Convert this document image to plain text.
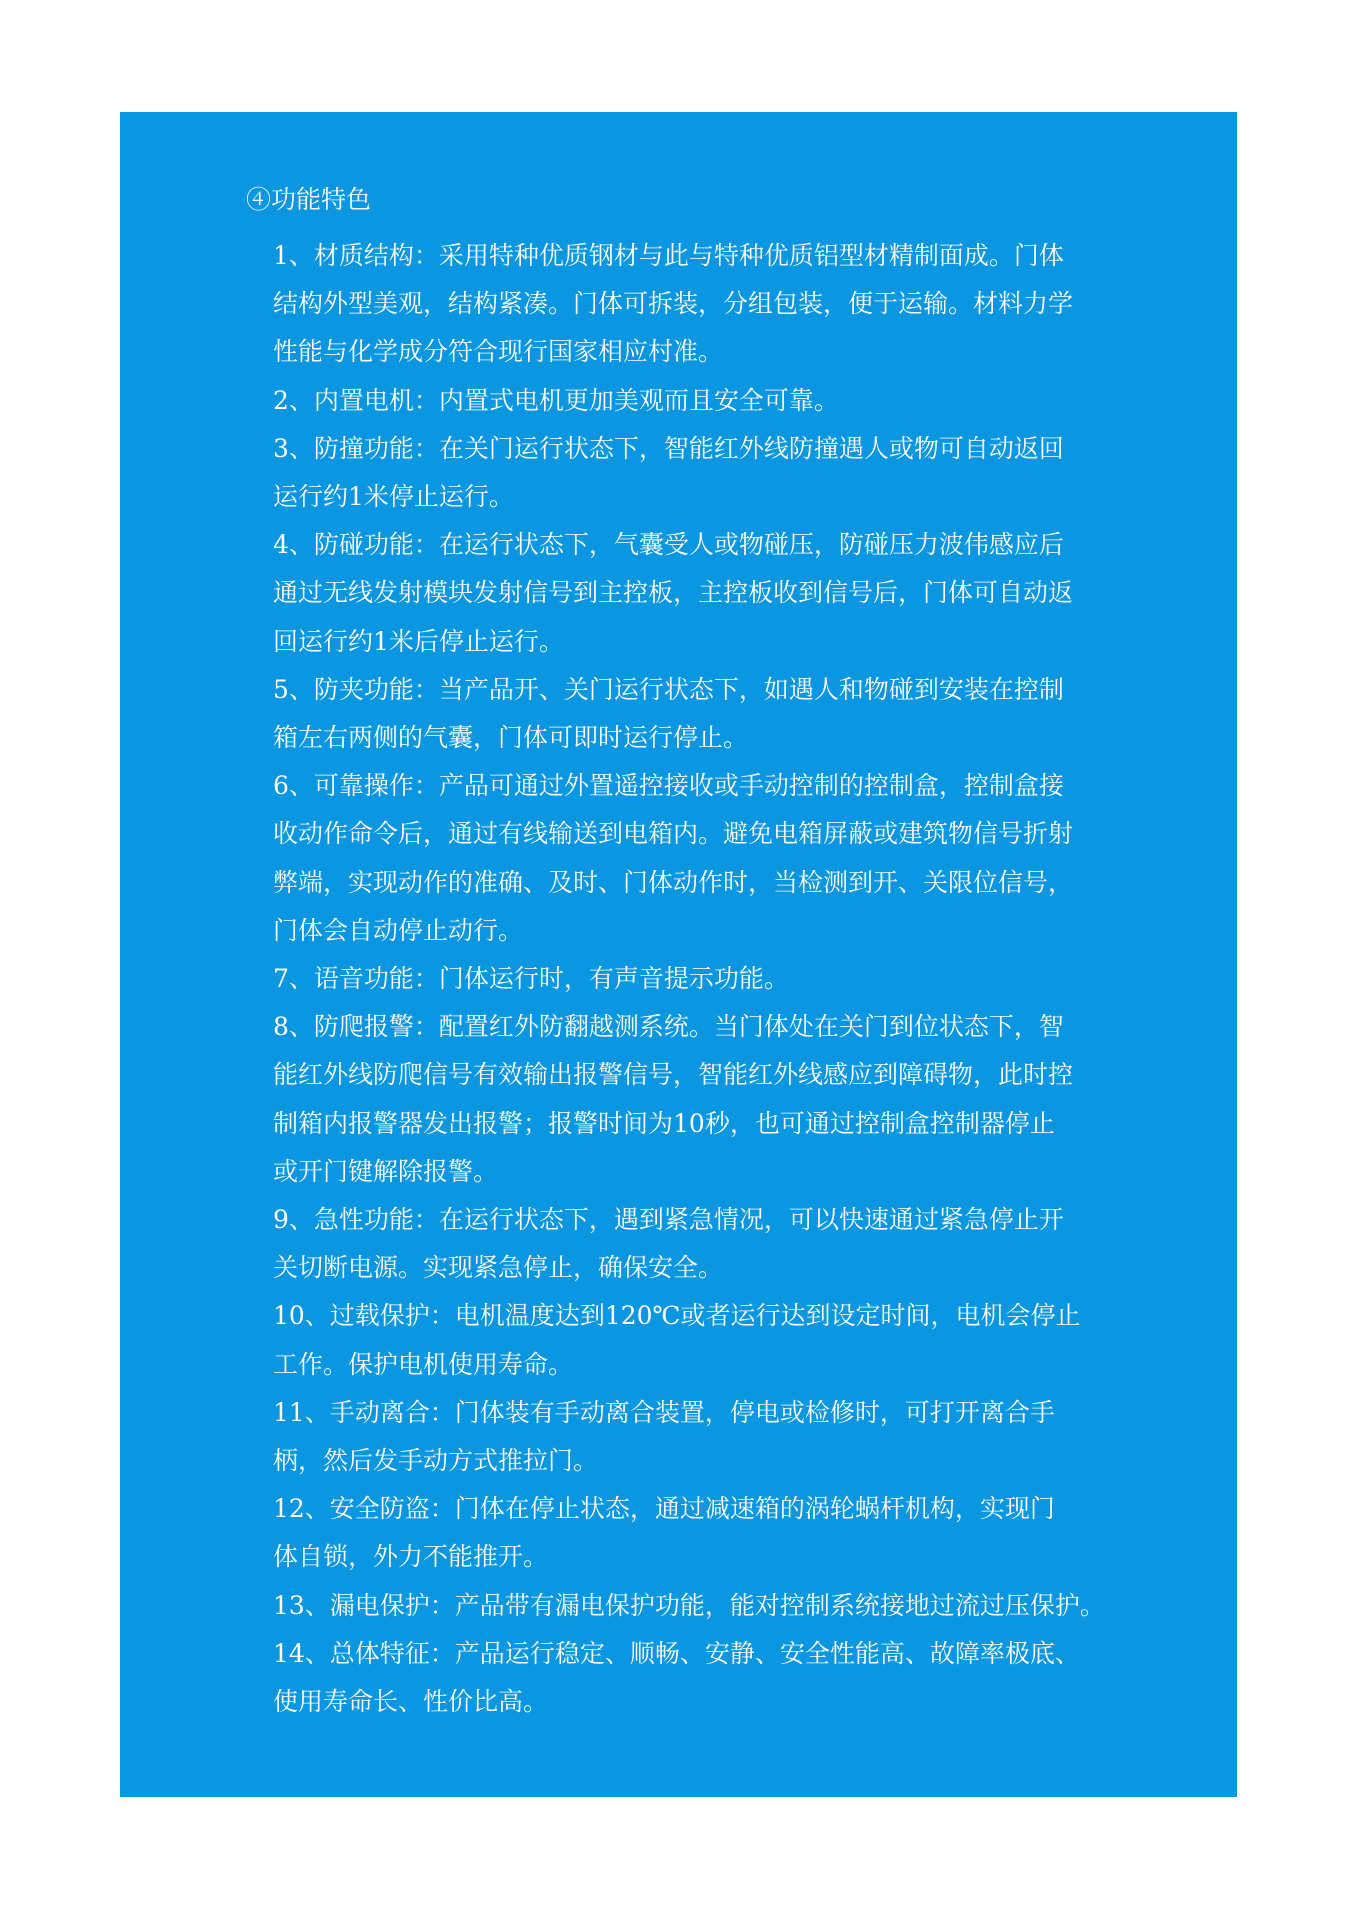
④功能特色
1、材质结构：采用特种优质钢材与此与特种优质铝型材精制面成。门体
结构外型美观，结构紧凑。门体可拆装，分组包装，便于运输。材料力学
性能与化学成分符合现行国家相应村准。
2、内置电机：内置式电机更加美观而且安全可靠。
3、防撞功能：在关门运行状态下，智能红外线防撞遇人或物可自动返回
运行约1米停止运行。
4、防碰功能：在运行状态下，气囊受人或物碰压，防碰压力波伟感应后
通过无线发射模块发射信号到主控板，主控板收到信号后，门体可自动返
回运行约1米后停止运行。
5、防夹功能：当产品开、关门运行状态下，如遇人和物碰到安装在控制
箱左右两侧的气囊，门体可即时运行停止。
6、可靠操作：产品可通过外置遥控接收或手动控制的控制盒，控制盒接
收动作命令后，通过有线输送到电箱内。避免电箱屏蔽或建筑物信号折射
弊端，实现动作的准确、及时、门体动作时，当检测到开、关限位信号，
门体会自动停止动行。
7、语音功能：门体运行时，有声音提示功能。
8、防爬报警：配置红外防翻越测系统。当门体处在关门到位状态下，智
能红外线防爬信号有效输出报警信号，智能红外线感应到障碍物，此时控
制箱内报警器发出报警；报警时间为10秒，也可通过控制盒控制器停止
或开门键解除报警。
9、急性功能：在运行状态下，遇到紧急情况，可以快速通过紧急停止开
关切断电源。实现紧急停止，确保安全。
10、过载保护：电机温度达到120℃或者运行达到设定时间，电机会停止
工作。保护电机使用寿命。
11、手动离合：门体装有手动离合装置，停电或检修时，可打开离合手
柄，然后发手动方式推拉门。
12、安全防盗：门体在停止状态，通过减速箱的涡轮蜗杆机构，实现门
体自锁，外力不能推开。
13、漏电保护：产品带有漏电保护功能，能对控制系统接地过流过压保护。
14、总体特征：产品运行稳定、顺畅、安静、安全性能高、故障率极底、
使用寿命长、性价比高。
